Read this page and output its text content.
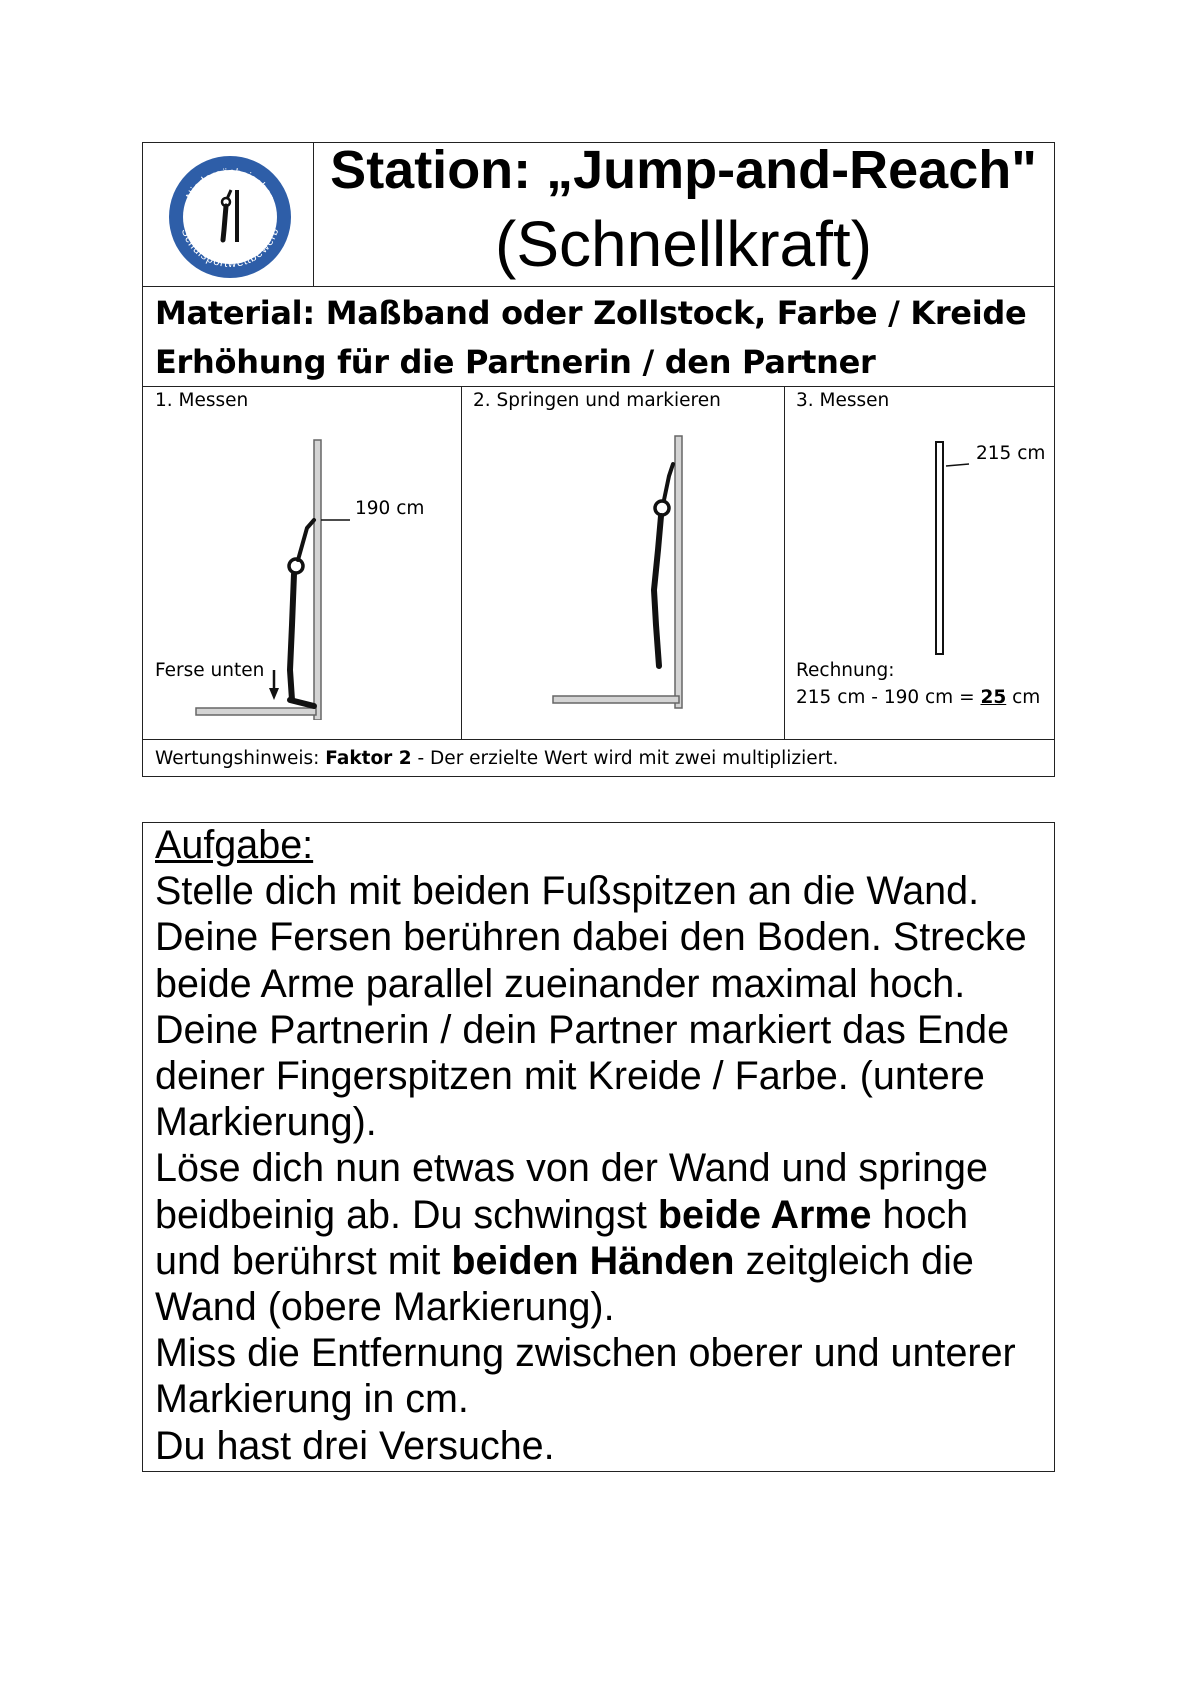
Niedersächsischer
Schulsportwettbewerb
Station: „Jump-and-Reach"
(Schnellkraft)
Material: Maßband oder Zollstock, Farbe / Kreide
Erhöhung für die Partnerin / den Partner
1. Messen
190 cm
Ferse unten
2. Springen und markieren	3. Messen
215 cm
Rechnung:
215 cm - 190 cm = 25 cm
Wertungshinweis: Faktor 2 - Der erzielte Wert wird mit zwei multipliziert.
Aufgabe:
Stelle dich mit beiden Fußspitzen an die Wand.
Deine Fersen berühren dabei den Boden. Strecke
beide Arme parallel zueinander maximal hoch.
Deine Partnerin / dein Partner markiert das Ende
deiner Fingerspitzen mit Kreide / Farbe. (untere
Markierung).
Löse dich nun etwas von der Wand und springe
beidbeinig ab. Du schwingst beide Arme hoch
und berührst mit beiden Händen zeitgleich die
Wand (obere Markierung).
Miss die Entfernung zwischen oberer und unterer
Markierung in cm.
Du hast drei Versuche.
